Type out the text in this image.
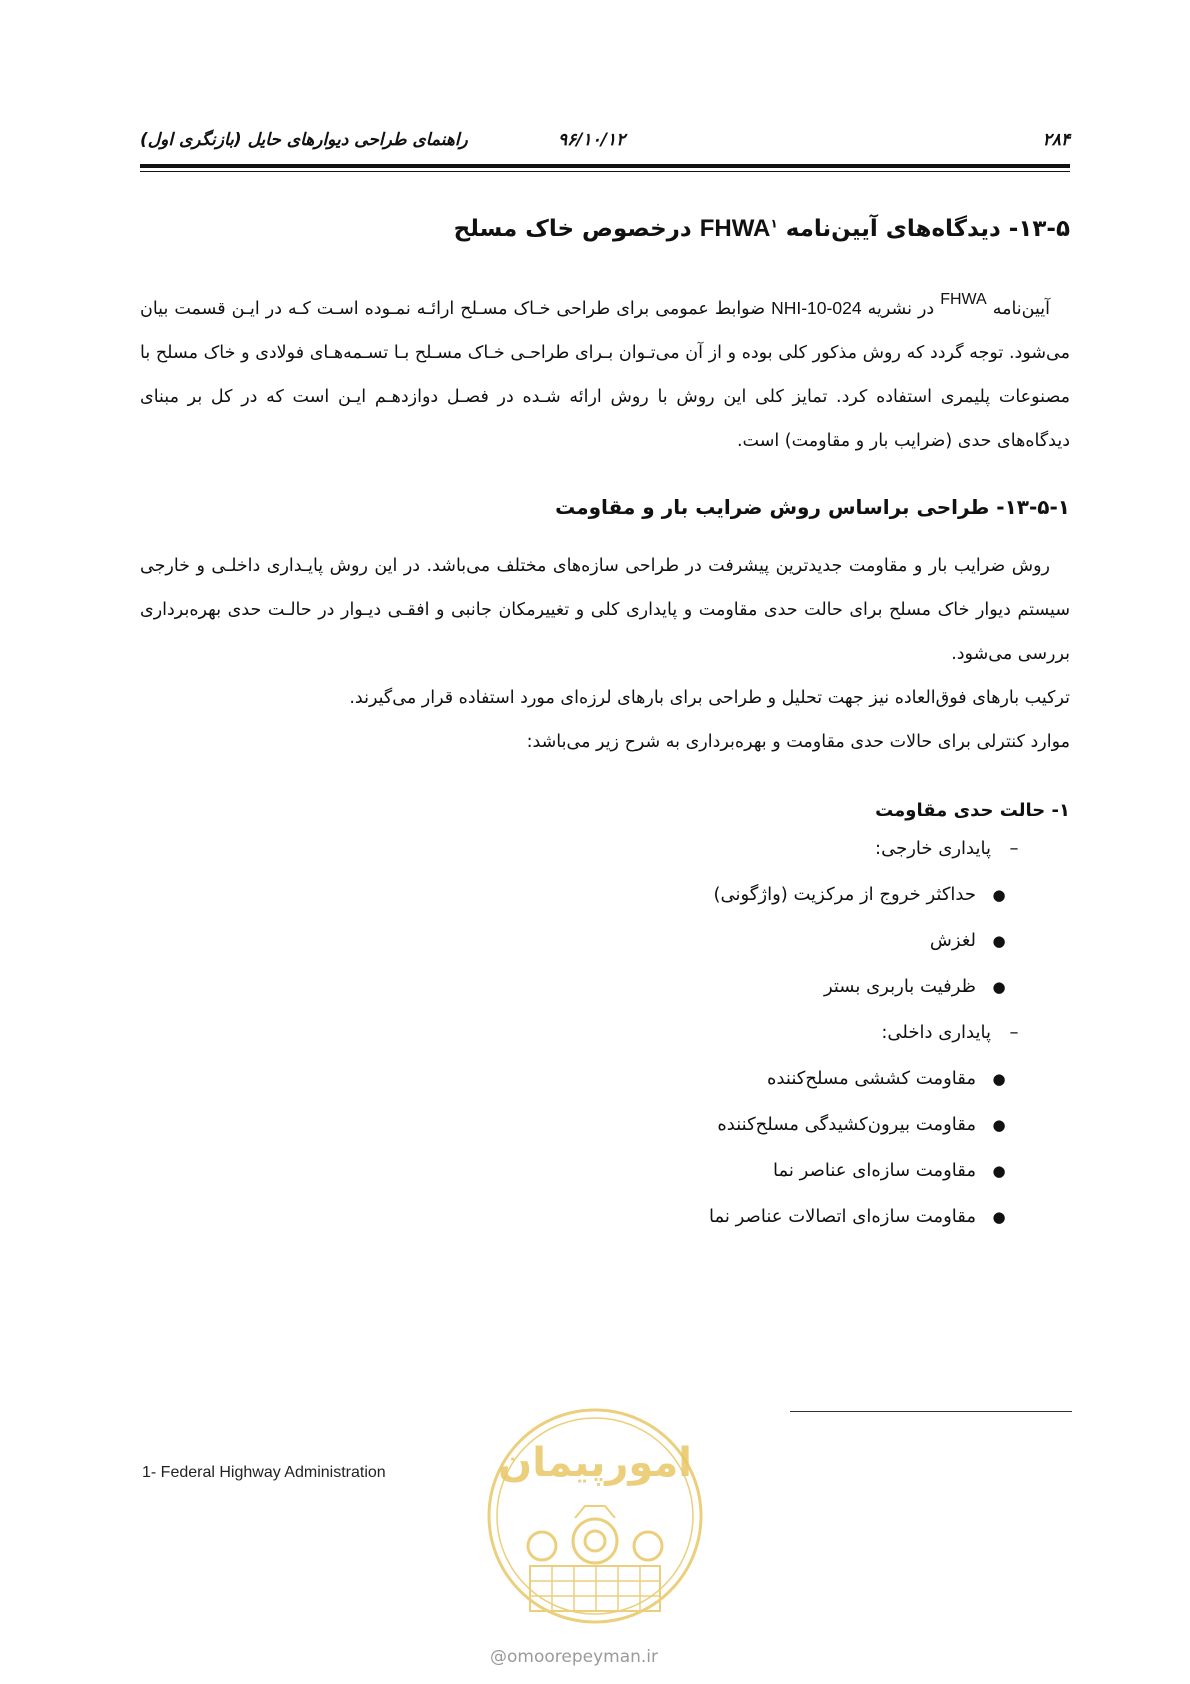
۲۸۴
۹۶/۱۰/۱۲
راهنمای طراحی دیوارهای حایل (بازنگری اول)
۱۳-۵- دیدگاه‌های آیین‌نامه FHWA$^۱$ درخصوص خاک مسلح
آیین‌نامه $^{FHWA}$ در نشریه NHI-10-024 ضوابط عمومی برای طراحی خـاک مسـلح ارائـه نمـوده اسـت کـه در ایـن قسمت بیان می‌شود. توجه گردد که روش مذکور کلی بوده و از آن می‌تـوان بـرای طراحـی خـاک مسـلح بـا تسـمه‌هـای فولادی و خاک مسلح با مصنوعات پلیمری استفاده کرد. تمایز کلی این روش با روش ارائه شـده در فصـل دوازدهـم ایـن است که در کل بر مبنای دیدگاه‌های حدی (ضرایب بار و مقاومت) است.
۱۳-۵-۱- طراحی براساس روش ضرایب بار و مقاومت
روش ضرایب بار و مقاومت جدیدترین پیشرفت در طراحی سازه‌های مختلف می‌باشد. در این روش پایـداری داخلـی و خارجی سیستم دیوار خاک مسلح برای حالت حدی مقاومت و پایداری کلی و تغییرمکان جانبی و افقـی دیـوار در حالـت حدی بهره‌برداری بررسی می‌شود.
ترکیب بارهای فوق‌العاده نیز جهت تحلیل و طراحی برای بارهای لرزه‌ای مورد استفاده قرار می‌گیرند.
موارد کنترلی برای حالات حدی مقاومت و بهره‌برداری به شرح زیر می‌باشد:
۱- حالت حدی مقاومت
–پایداری خارجی:
●حداکثر خروج از مرکزیت (واژگونی)
●لغزش
●ظرفیت باربری بستر
–پایداری داخلی:
●مقاومت کششی مسلح‌کننده
●مقاومت بیرون‌کشیدگی مسلح‌کننده
●مقاومت سازه‌ای عناصر نما
●مقاومت سازه‌ای اتصالات عناصر نما
1- Federal Highway Administration	امورپیمان
@omoorepeyman.ir
